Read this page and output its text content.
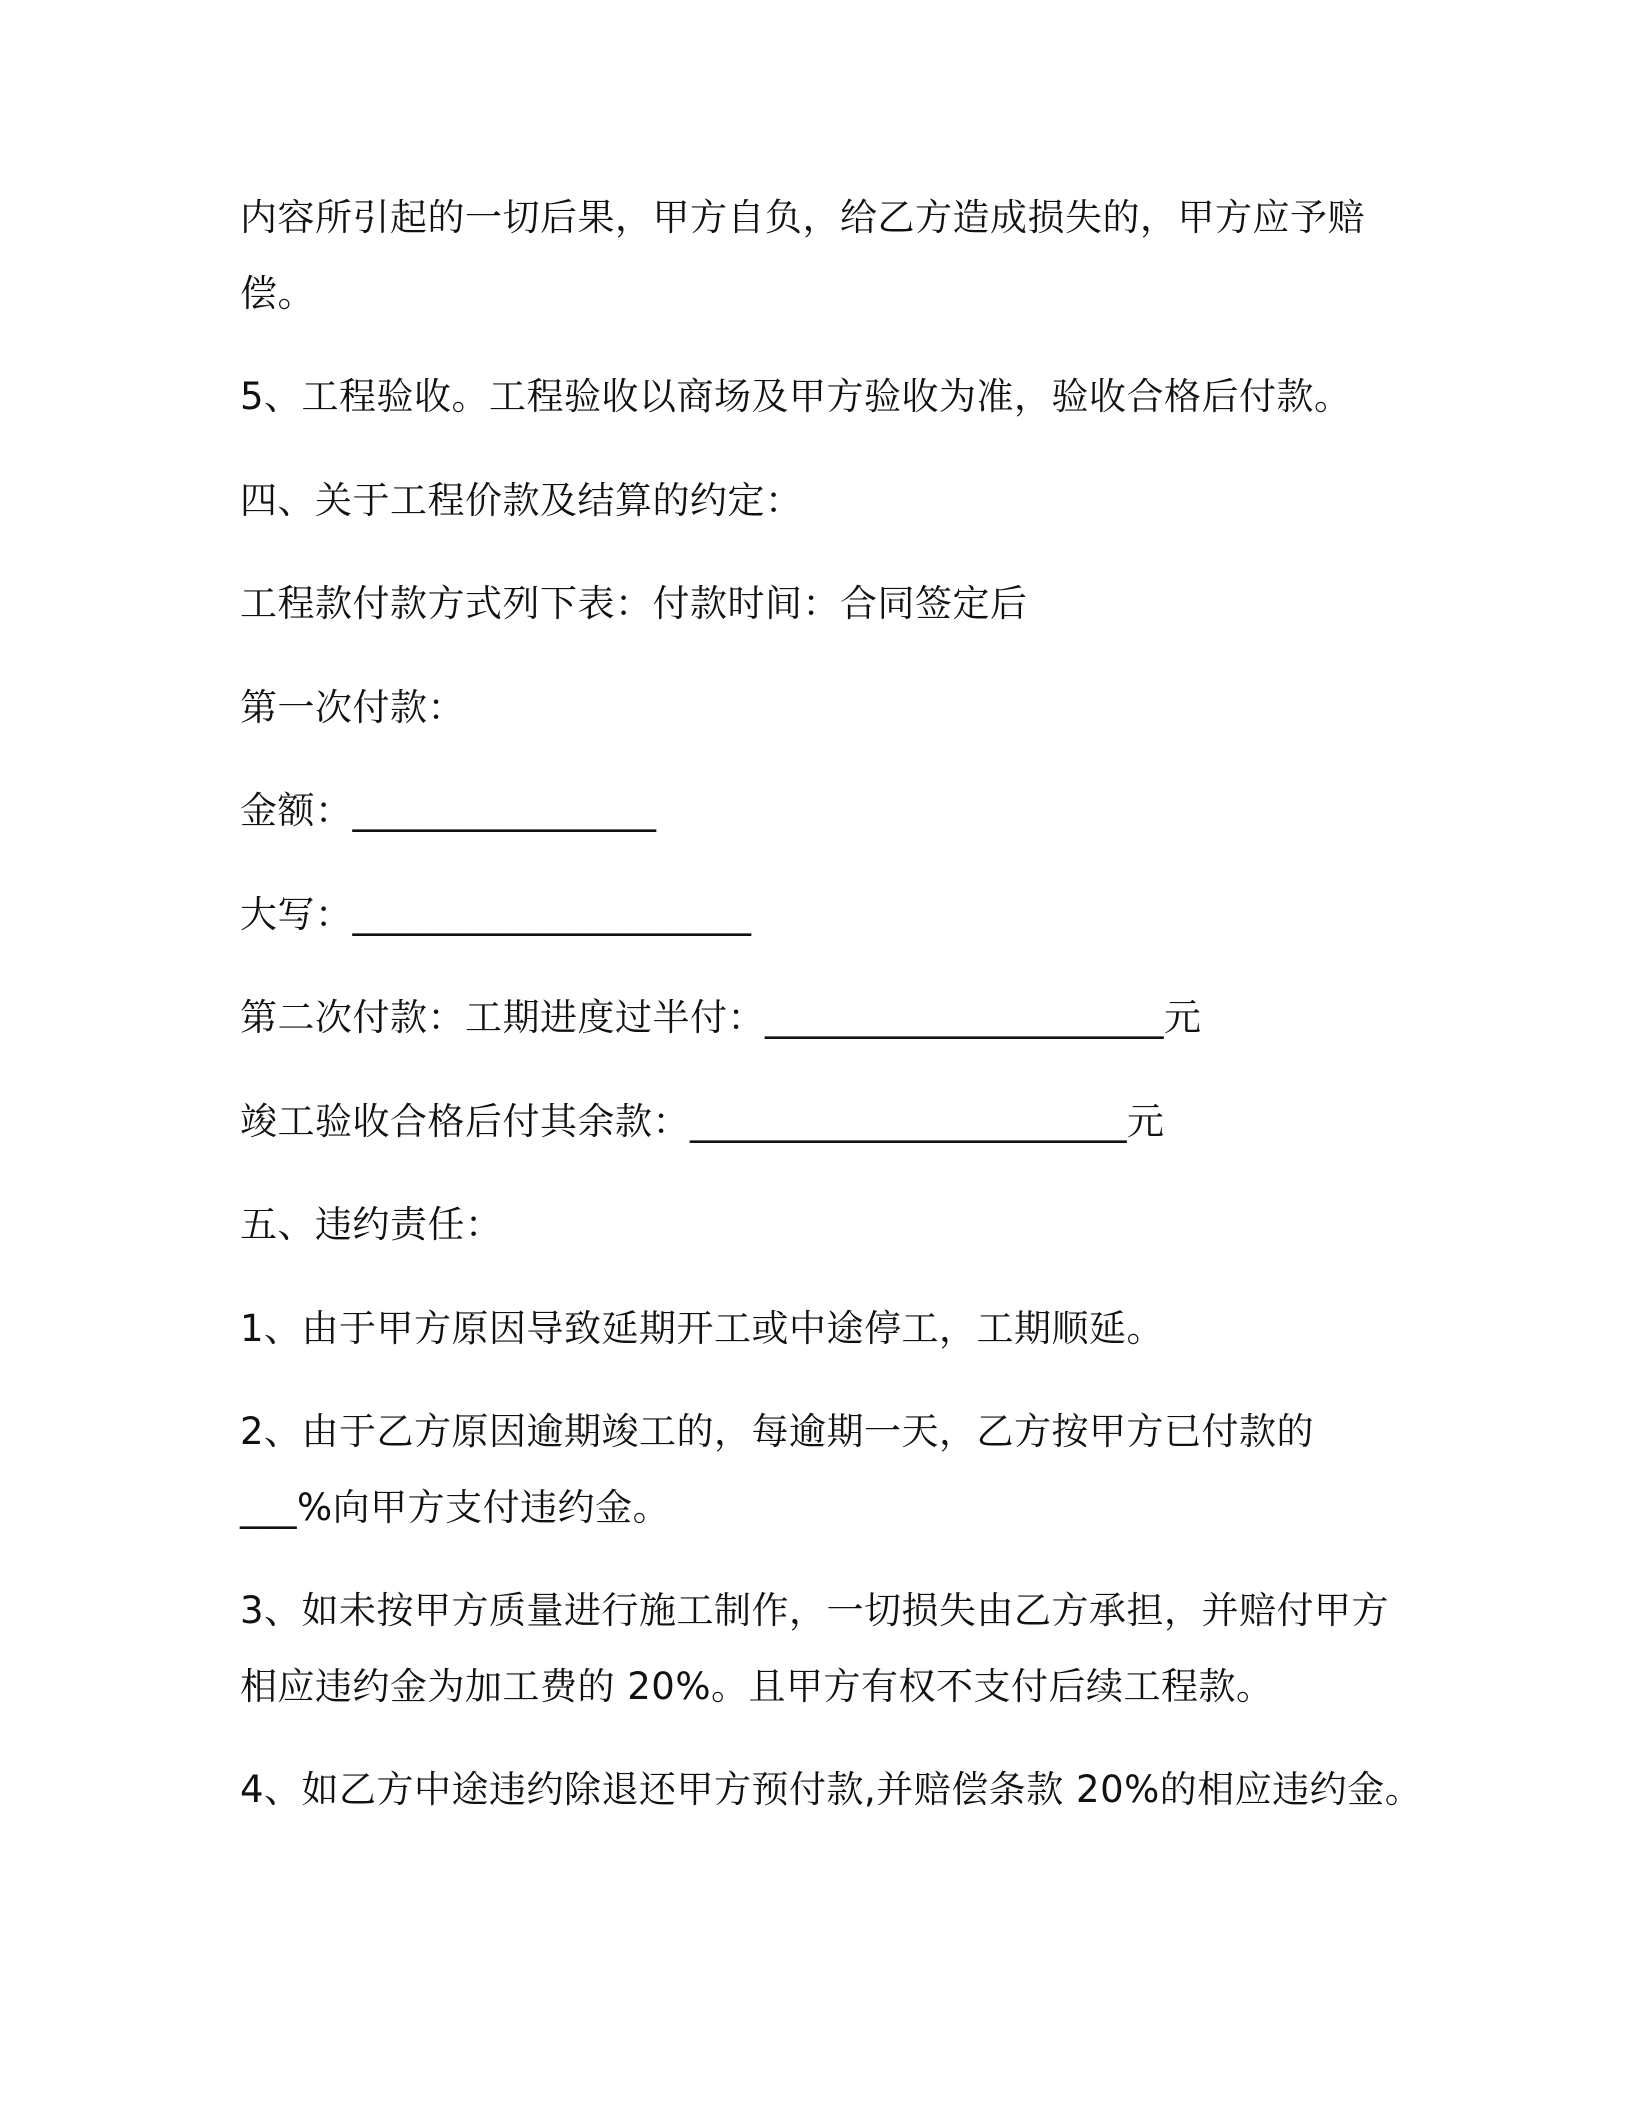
内容所引起的一切后果，甲方自负，给乙方造成损失的，甲方应予赔
偿。
5、工程验收。工程验收以商场及甲方验收为准，验收合格后付款。
四、关于工程价款及结算的约定：
工程款付款方式列下表：付款时间：合同签定后
第一次付款：
金额：________________
大写：_____________________
第二次付款：工期进度过半付：_____________________元
竣工验收合格后付其余款：_______________________元
五、违约责任：
1、由于甲方原因导致延期开工或中途停工，工期顺延。
2、由于乙方原因逾期竣工的，每逾期一天，乙方按甲方已付款的
___%向甲方支付违约金。
3、如未按甲方质量进行施工制作，一切损失由乙方承担，并赔付甲方
相应违约金为加工费的 20%。且甲方有权不支付后续工程款。
4、如乙方中途违约除退还甲方预付款,并赔偿条款 20%的相应违约金。
